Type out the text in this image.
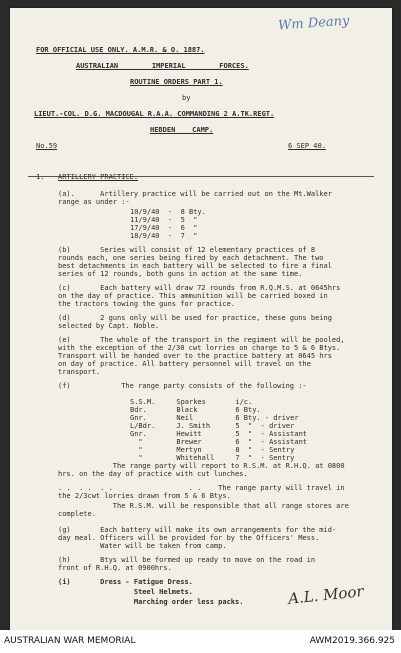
Wm Deany
FOR OFFICIAL USE ONLY. A.M.R. & O. 1887.
AUSTRALIAN        IMPERIAL        FORCES.
ROUTINE ORDERS PART 1.
by
LIEUT.-COL. D.G. MACDOUGAL R.A.A. COMMANDING 2 A.TK.REGT.
HEBDEN    CAMP.
No.59	6 SEP 40.
1. ARTILLERY PRACTICE.
(a).      Artillery practice will be carried out on the Mt.Walker
range as under :-
10/9/40  -  8 Bty.
11/9/40  -  5  "
17/9/40  -  6  "
18/9/40  -  7  "
(b)       Series will consist of 12 elementary practices of 8
rounds each, one series being fired by each detachment. The two
best detachments in each battery will be selected to fire a final
series of 12 rounds, both guns in action at the same time.
(c)       Each battery will draw 72 rounds from R.Q.M.S. at 0645hrs
on the day of practice. This ammunition will be carried boxed in
the tractors towing the guns for practice.
(d)       2 guns only will be used for practice, these guns being
selected by Capt. Noble.
(e)       The whole of the transport in the regiment will be pooled,
with the exception of the 2/30 cwt lorries on charge to 5 & 6 Btys.
Transport will be handed over to the practice battery at 0645 hrs
on day of practice. All battery personnel will travel on the
transport.
(f)            The range party consists of the following :-
S.S.M.     Sparkes       i/c.
Bdr.       Black         6 Bty.
Gnr.       Neil          6 Bty. - driver
L/Bdr.     J. Smith      5  "  - driver
Gnr.       Hewitt        5  "  - Assistant
"        Brewer        6  "  - Assistant
"        Mertyn        8  "  - Sentry
"        Whitehall     7  "  - Sentry
The range party will report to R.S.M. at R.H.Q. at 0800
hrs. on the day of practice with cut lunches.
. .  . .  . .                  . .    The range party will travel in
the 2/3cwt lorries drawn from 5 & 6 Btys.
The R.S.M. will be responsible that all range stores are
complete.
(g)       Each battery will make its own arrangements for the mid-
day meal. Officers will be provided for by the Officers' Mess.
Water will be taken from camp.
(h)       Btys will be formed up ready to move on the road in
front of R.H.Q. at 0900hrs.
(i)       Dress - Fatigue Dress.
Steel Helmets.
Marching order less packs.	A.L. Moor
AUSTRALIAN WAR MEMORIAL	AWM2019.366.925
